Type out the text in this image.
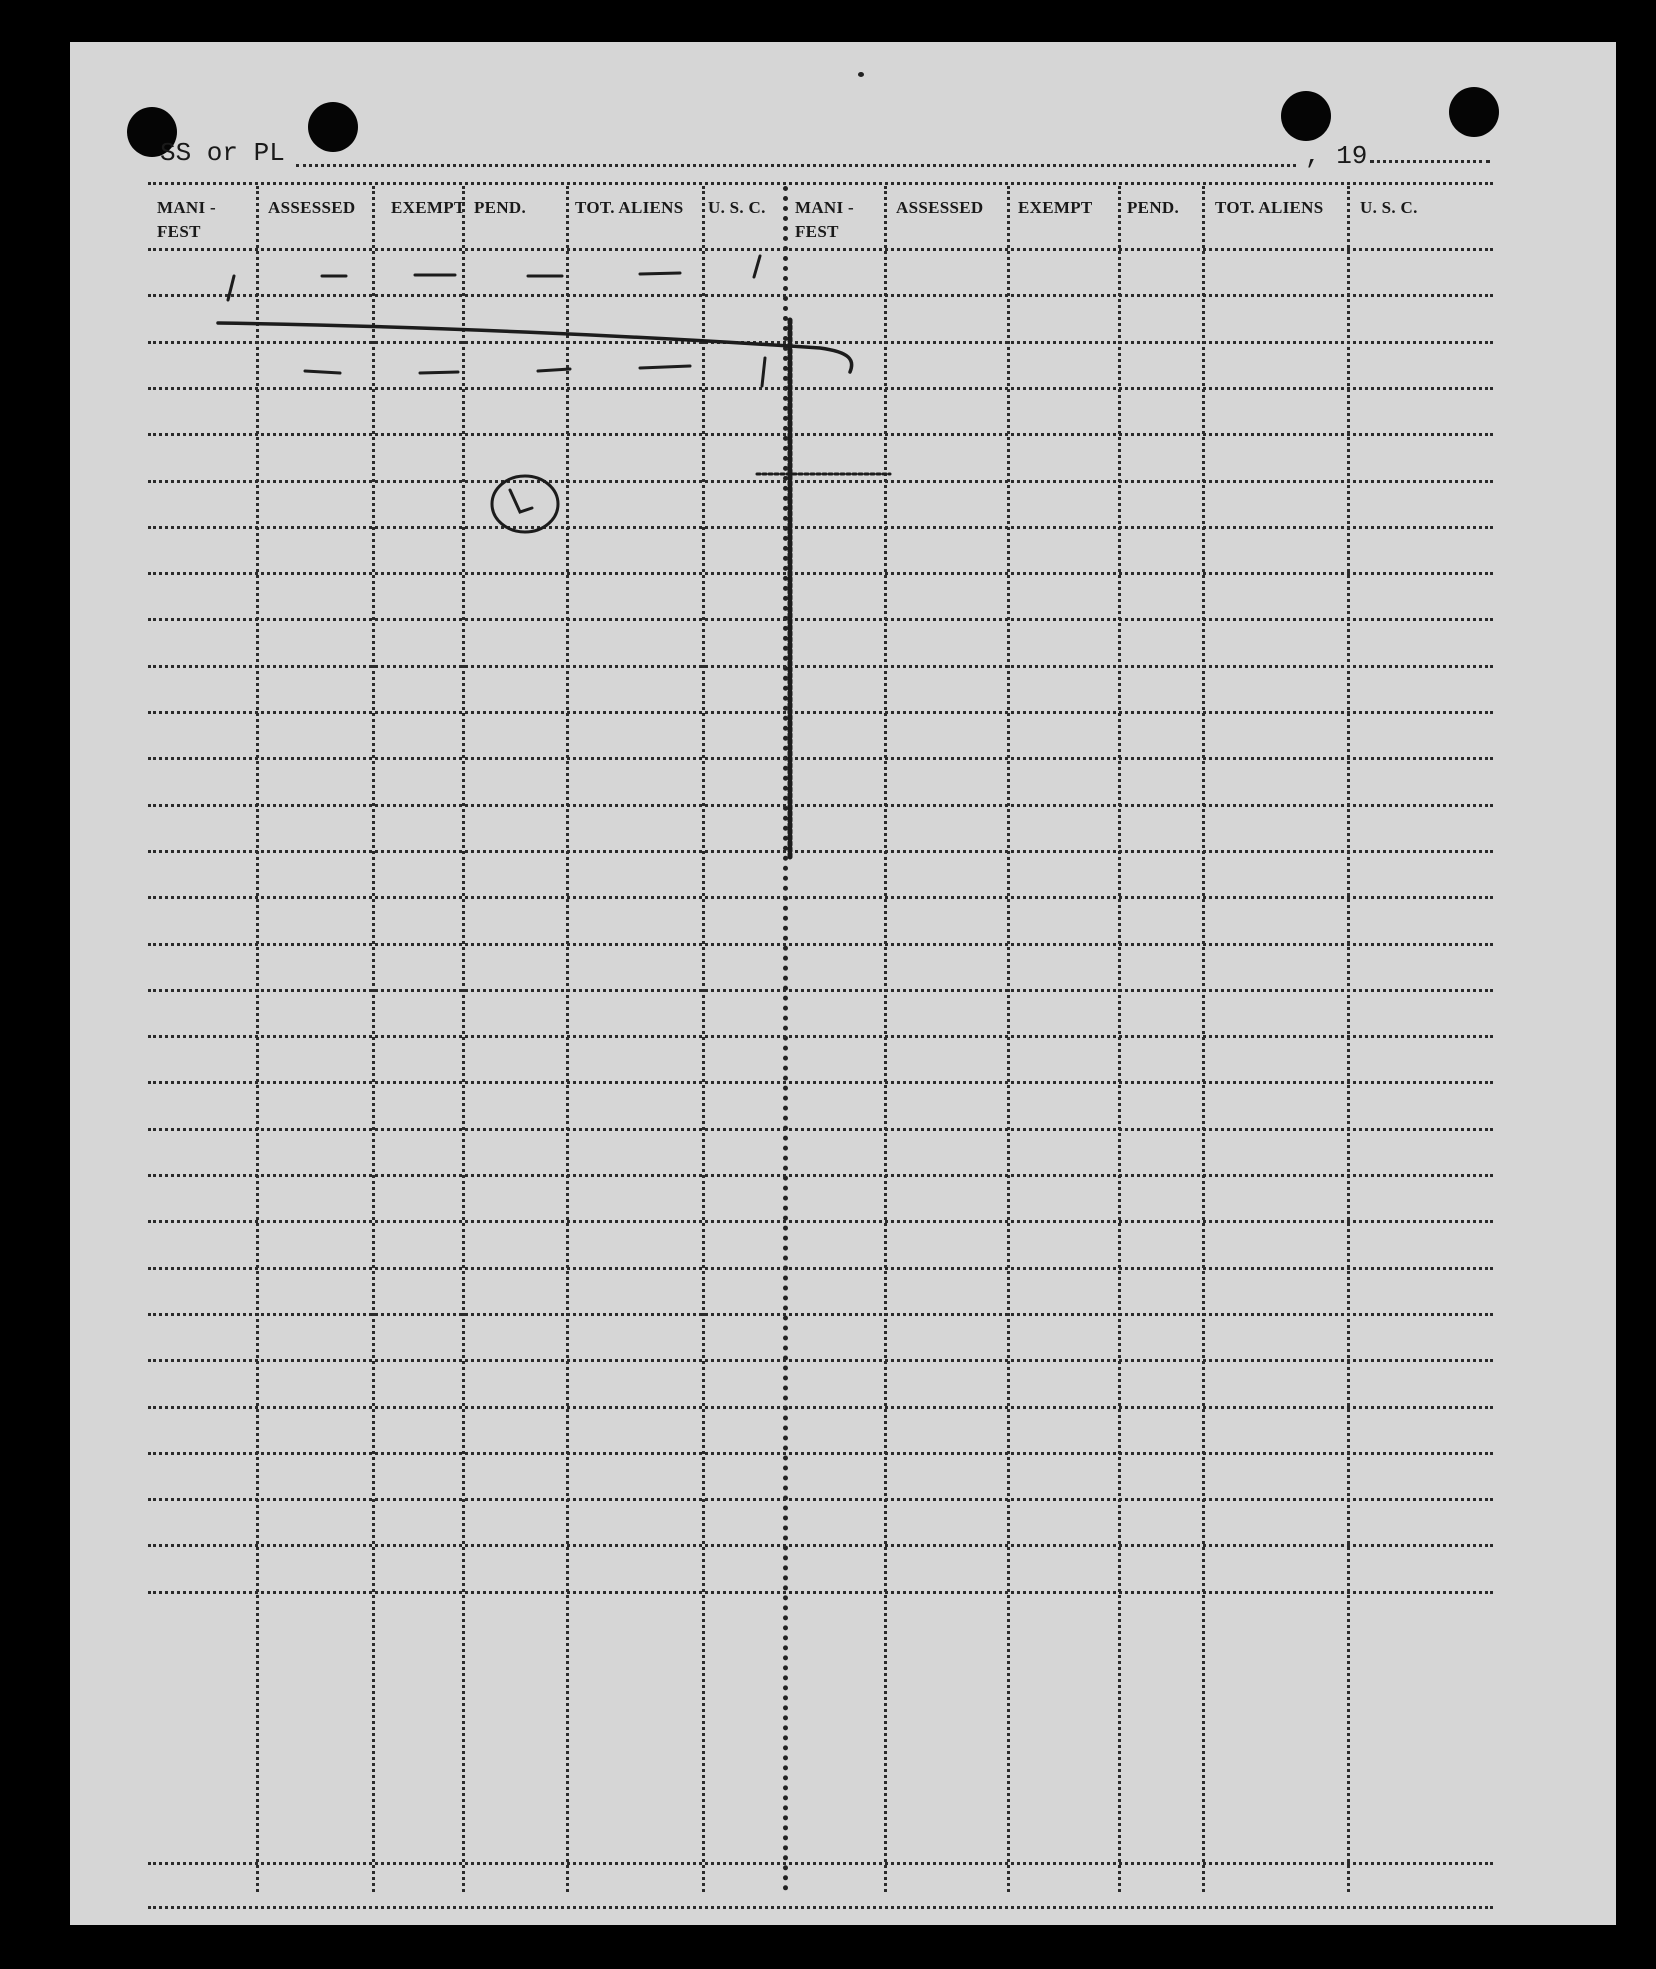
SS or PL	, 19
MANI -
FEST
ASSESSED EXEMPT PEND.	TOT. ALIENS U. S. C. MANI -
FEST
ASSESSED EXEMPT PEND. TOT. ALIENS U. S. C.
